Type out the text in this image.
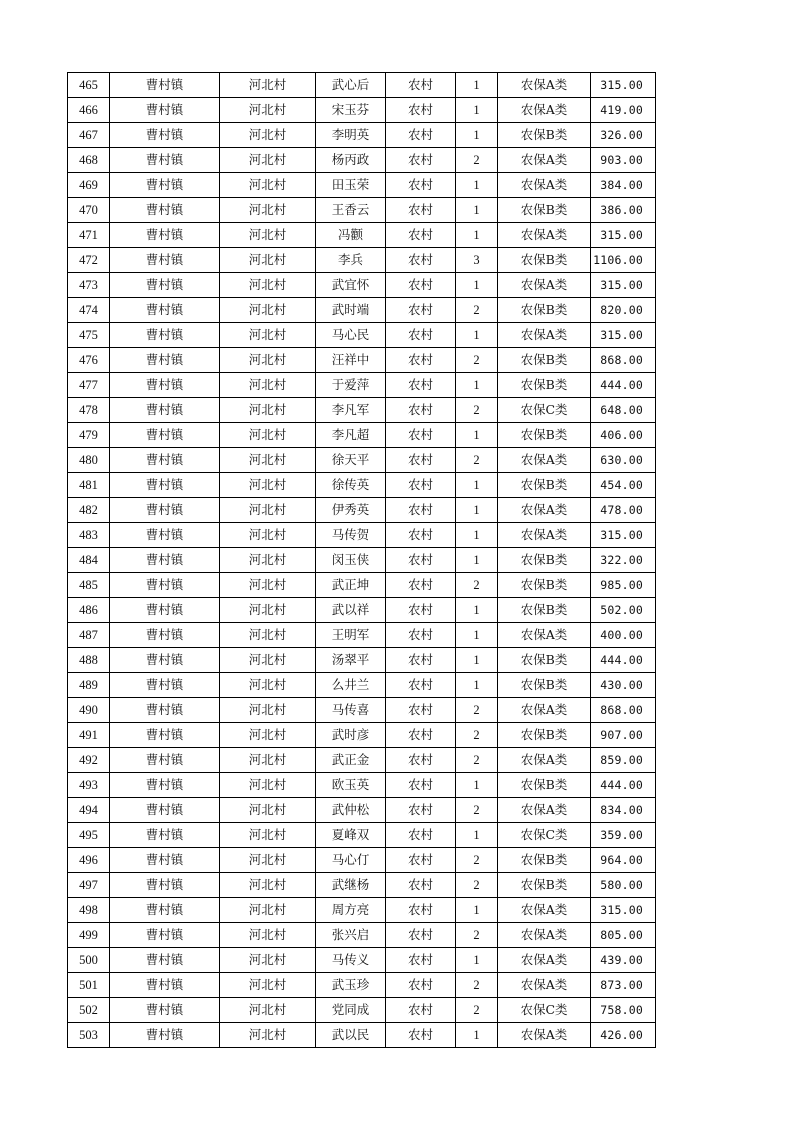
465	曹村镇	河北村	武心后	农村	1	农保A类	315.00
466	曹村镇	河北村	宋玉芬	农村	1	农保A类	419.00
467	曹村镇	河北村	李明英	农村	1	农保B类	326.00
468	曹村镇	河北村	杨丙政	农村	2	农保A类	903.00
469	曹村镇	河北村	田玉荣	农村	1	农保A类	384.00
470	曹村镇	河北村	王香云	农村	1	农保B类	386.00
471	曹村镇	河北村	冯颧	农村	1	农保A类	315.00
472	曹村镇	河北村	李兵	农村	3	农保B类	1106.00
473	曹村镇	河北村	武宜怀	农村	1	农保A类	315.00
474	曹村镇	河北村	武时端	农村	2	农保B类	820.00
475	曹村镇	河北村	马心民	农村	1	农保A类	315.00
476	曹村镇	河北村	汪祥中	农村	2	农保B类	868.00
477	曹村镇	河北村	于爱萍	农村	1	农保B类	444.00
478	曹村镇	河北村	李凡军	农村	2	农保C类	648.00
479	曹村镇	河北村	李凡超	农村	1	农保B类	406.00
480	曹村镇	河北村	徐天平	农村	2	农保A类	630.00
481	曹村镇	河北村	徐传英	农村	1	农保B类	454.00
482	曹村镇	河北村	伊秀英	农村	1	农保A类	478.00
483	曹村镇	河北村	马传贺	农村	1	农保A类	315.00
484	曹村镇	河北村	闵玉侠	农村	1	农保B类	322.00
485	曹村镇	河北村	武正坤	农村	2	农保B类	985.00
486	曹村镇	河北村	武以祥	农村	1	农保B类	502.00
487	曹村镇	河北村	王明军	农村	1	农保A类	400.00
488	曹村镇	河北村	汤翠平	农村	1	农保B类	444.00
489	曹村镇	河北村	么井兰	农村	1	农保B类	430.00
490	曹村镇	河北村	马传喜	农村	2	农保A类	868.00
491	曹村镇	河北村	武时彦	农村	2	农保B类	907.00
492	曹村镇	河北村	武正金	农村	2	农保A类	859.00
493	曹村镇	河北村	欧玉英	农村	1	农保B类	444.00
494	曹村镇	河北村	武仲松	农村	2	农保A类	834.00
495	曹村镇	河北村	夏峰双	农村	1	农保C类	359.00
496	曹村镇	河北村	马心仃	农村	2	农保B类	964.00
497	曹村镇	河北村	武继杨	农村	2	农保B类	580.00
498	曹村镇	河北村	周方亮	农村	1	农保A类	315.00
499	曹村镇	河北村	张兴启	农村	2	农保A类	805.00
500	曹村镇	河北村	马传义	农村	1	农保A类	439.00
501	曹村镇	河北村	武玉珍	农村	2	农保A类	873.00
502	曹村镇	河北村	党同成	农村	2	农保C类	758.00
503	曹村镇	河北村	武以民	农村	1	农保A类	426.00
